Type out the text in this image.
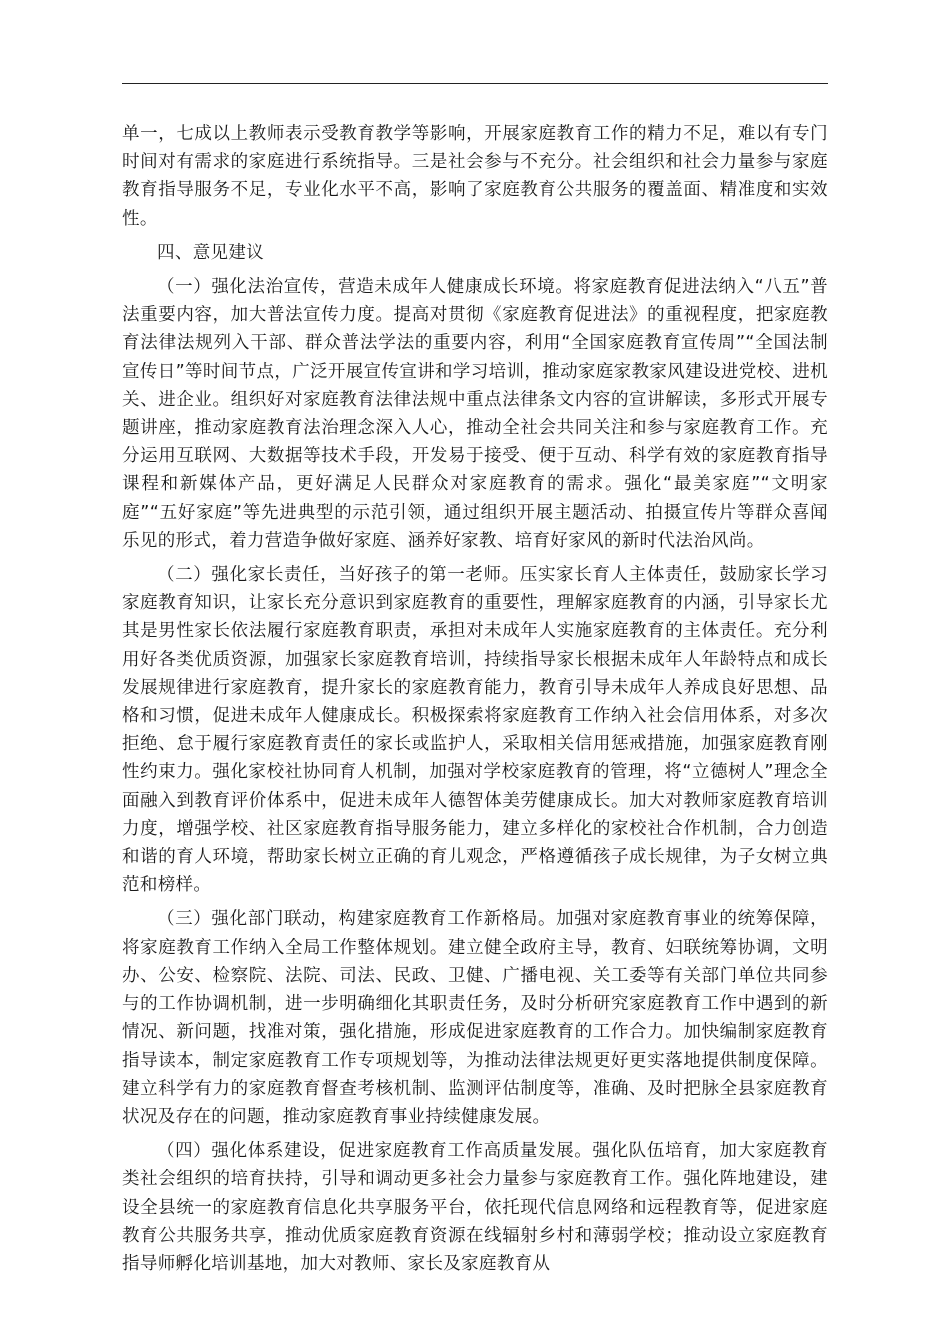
单一，七成以上教师表示受教育教学等影响，开展家庭教育工作的精力不足，难以有专门时间对有需求的家庭进行系统指导。三是社会参与不充分。社会组织和社会力量参与家庭教育指导服务不足，专业化水平不高，影响了家庭教育公共服务的覆盖面、精准度和实效性。

四、意见建议

（一）强化法治宣传，营造未成年人健康成长环境。将家庭教育促进法纳入“八五”普法重要内容，加大普法宣传力度。提高对贯彻《家庭教育促进法》的重视程度，把家庭教育法律法规列入干部、群众普法学法的重要内容，利用“全国家庭教育宣传周”“全国法制宣传日”等时间节点，广泛开展宣传宣讲和学习培训，推动家庭家教家风建设进党校、进机关、进企业。组织好对家庭教育法律法规中重点法律条文内容的宣讲解读，多形式开展专题讲座，推动家庭教育法治理念深入人心，推动全社会共同关注和参与家庭教育工作。充分运用互联网、大数据等技术手段，开发易于接受、便于互动、科学有效的家庭教育指导课程和新媒体产品，更好满足人民群众对家庭教育的需求。强化“最美家庭”“文明家庭”“五好家庭”等先进典型的示范引领，通过组织开展主题活动、拍摄宣传片等群众喜闻乐见的形式，着力营造争做好家庭、涵养好家教、培育好家风的新时代法治风尚。

（二）强化家长责任，当好孩子的第一老师。压实家长育人主体责任，鼓励家长学习家庭教育知识，让家长充分意识到家庭教育的重要性，理解家庭教育的内涵，引导家长尤其是男性家长依法履行家庭教育职责，承担对未成年人实施家庭教育的主体责任。充分利用好各类优质资源，加强家长家庭教育培训，持续指导家长根据未成年人年龄特点和成长发展规律进行家庭教育，提升家长的家庭教育能力，教育引导未成年人养成良好思想、品格和习惯，促进未成年人健康成长。积极探索将家庭教育工作纳入社会信用体系，对多次拒绝、怠于履行家庭教育责任的家长或监护人，采取相关信用惩戒措施，加强家庭教育刚性约束力。强化家校社协同育人机制，加强对学校家庭教育的管理，将“立德树人”理念全面融入到教育评价体系中，促进未成年人德智体美劳健康成长。加大对教师家庭教育培训力度，增强学校、社区家庭教育指导服务能力，建立多样化的家校社合作机制，合力创造和谐的育人环境，帮助家长树立正确的育儿观念，严格遵循孩子成长规律，为子女树立典范和榜样。

（三）强化部门联动，构建家庭教育工作新格局。加强对家庭教育事业的统筹保障，将家庭教育工作纳入全局工作整体规划。建立健全政府主导，教育、妇联统筹协调，文明办、公安、检察院、法院、司法、民政、卫健、广播电视、关工委等有关部门单位共同参与的工作协调机制，进一步明确细化其职责任务，及时分析研究家庭教育工作中遇到的新情况、新问题，找准对策，强化措施，形成促进家庭教育的工作合力。加快编制家庭教育指导读本，制定家庭教育工作专项规划等，为推动法律法规更好更实落地提供制度保障。建立科学有力的家庭教育督查考核机制、监测评估制度等，准确、及时把脉全县家庭教育状况及存在的问题，推动家庭教育事业持续健康发展。

（四）强化体系建设，促进家庭教育工作高质量发展。强化队伍培育，加大家庭教育类社会组织的培育扶持，引导和调动更多社会力量参与家庭教育工作。强化阵地建设，建设全县统一的家庭教育信息化共享服务平台，依托现代信息网络和远程教育等，促进家庭教育公共服务共享，推动优质家庭教育资源在线辐射乡村和薄弱学校；推动设立家庭教育指导师孵化培训基地，加大对教师、家长及家庭教育从
